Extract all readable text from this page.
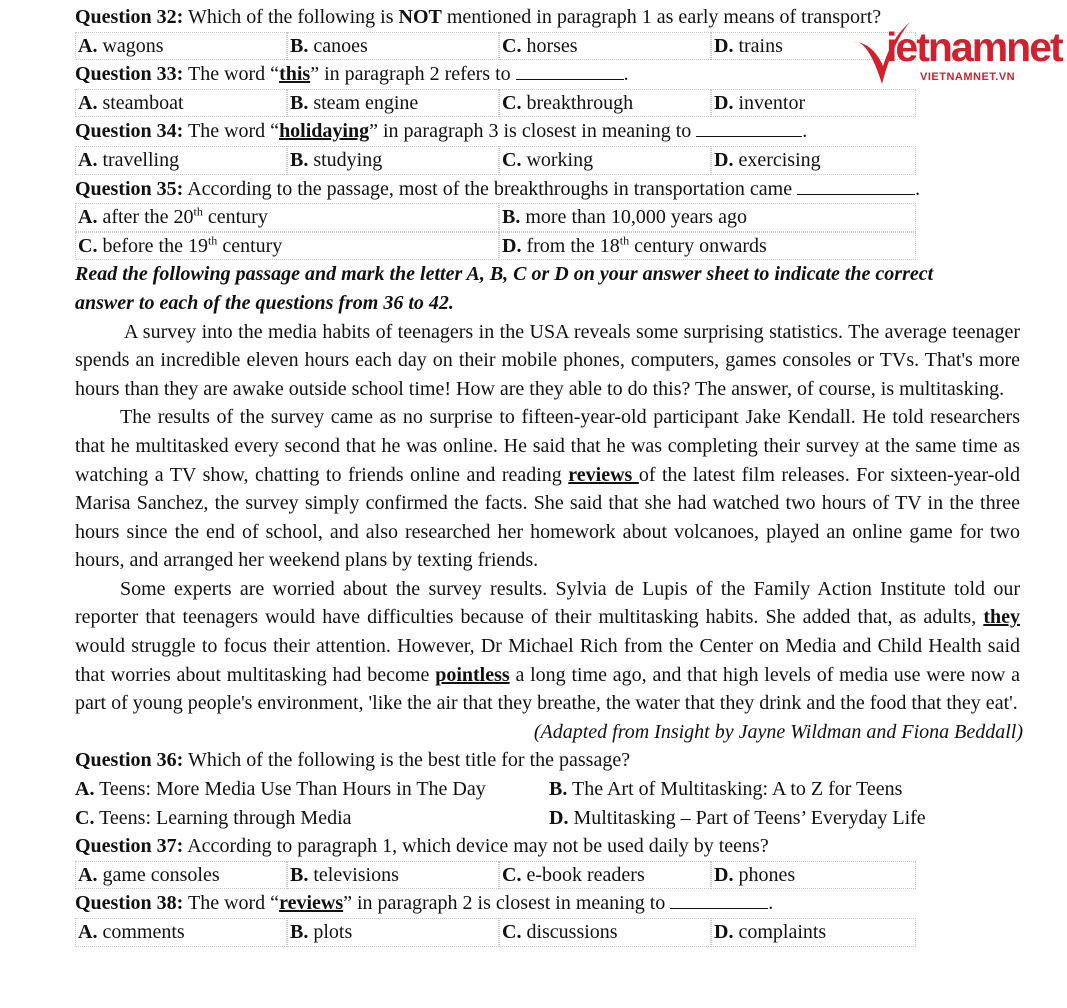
Question 32: Which of the following is NOT mentioned in paragraph 1 as early means of transport?
A. wagons	B. canoes	C. horses	D. trains
Question 33: The word “this” in paragraph 2 refers to	.
A. steamboat	B. steam engine	C. breakthrough	D. inventor
Question 34: The word “holidaying” in paragraph 3 is closest in meaning to	.
A. travelling	B. studying	C. working	D. exercising
Question 35: According to the passage, most of the breakthroughs in transportation came	.
A. after the 20th century	B. more than 10,000 years ago
C. before the 19th century	D. from the 18th century onwards
Read the following passage and mark the letter A, B, C or D on your answer sheet to indicate the correct
answer to each of the questions from 36 to 42.
A survey into the media habits of teenagers in the USA reveals some surprising statistics. The average teenager spends an incredible eleven hours each day on their mobile phones, computers, games consoles or TVs. That's more hours than they are awake outside school time! How are they able to do this? The answer, of course, is multitasking.
The results of the survey came as no surprise to fifteen-year-old participant Jake Kendall. He told researchers that he multitasked every second that he was online. He said that he was completing their survey at the same time as watching a TV show, chatting to friends online and reading reviews of the latest film releases. For sixteen-year-old Marisa Sanchez, the survey simply confirmed the facts. She said that she had watched two hours of TV in the three hours since the end of school, and also researched her homework about volcanoes, played an online game for two hours, and arranged her weekend plans by texting friends.
Some experts are worried about the survey results. Sylvia de Lupis of the Family Action Institute told our reporter that teenagers would have difficulties because of their multitasking habits. She added that, as adults, they would struggle to focus their attention. However, Dr Michael Rich from the Center on Media and Child Health said that worries about multitasking had become pointless a long time ago, and that high levels of media use were now a part of young people's environment, 'like the air that they breathe, the water that they drink and the food that they eat'.
(Adapted from Insight by Jayne Wildman and Fiona Beddall)
Question 36: Which of the following is the best title for the passage?
A. Teens: More Media Use Than Hours in The Day	B. The Art of Multitasking: A to Z for Teens
C. Teens: Learning through Media	D. Multitasking – Part of Teens’ Everyday Life
Question 37: According to paragraph 1, which device may not be used daily by teens?
A. game consoles	B. televisions	C. e-book readers	D. phones
Question 38: The word “reviews” in paragraph 2 is closest in meaning to	.
A. comments	B. plots	C. discussions	D. complaints
ietnamnet
VIETNAMNET.VN
